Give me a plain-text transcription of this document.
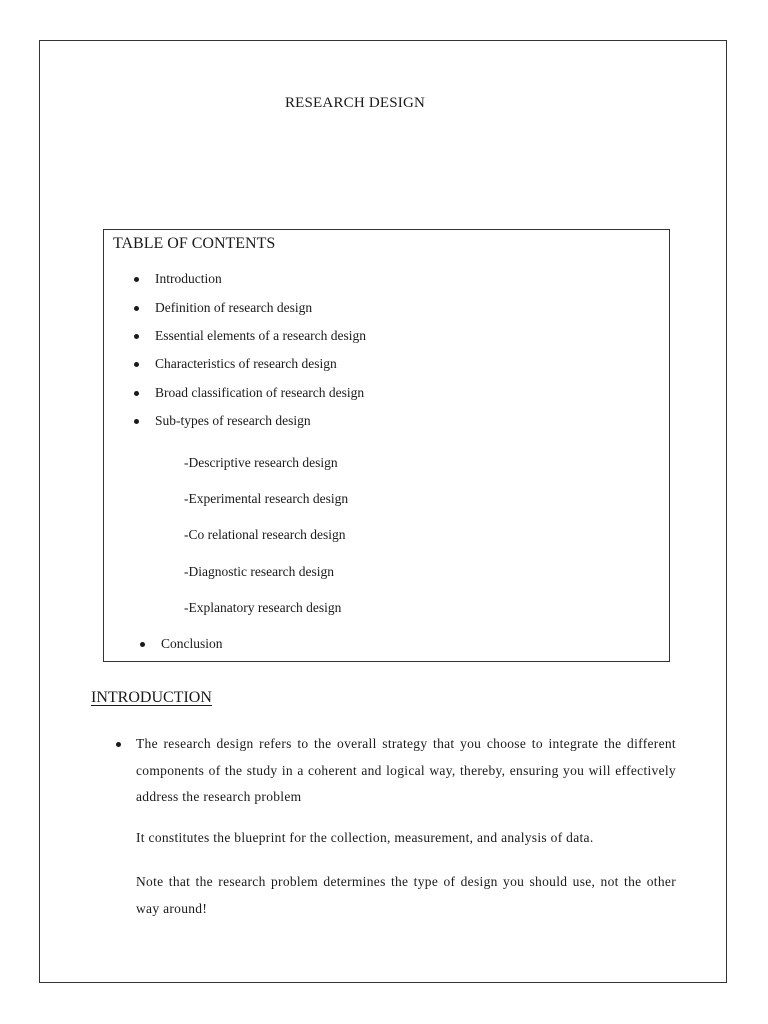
RESEARCH DESIGN
TABLE OF CONTENTS
Introduction
Definition of research design
Essential elements of a research design
Characteristics of research design
Broad classification of research design
Sub-types of research design
-Descriptive research design
-Experimental research design
-Co relational research design
-Diagnostic research design
-Explanatory research design
Conclusion
INTRODUCTION
The research design refers to the overall strategy that you choose to integrate the different components of the study in a coherent and logical way, thereby, ensuring you will effectively address the research problem
It constitutes the blueprint for the collection, measurement, and analysis of data.
Note that the research problem determines the type of design you should use, not the other way around!
